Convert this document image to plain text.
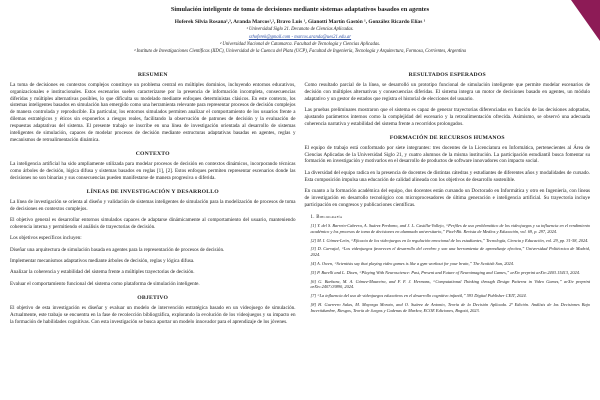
Simulación inteligente de toma de decisiones mediante sistemas adaptativos basados en agentes
Hoferek Silvia Rosana¹,³, Aranda Marcos¹,², Bravo Luis ¹, Gianotti Martín Gastón ¹, González Ricardo Elías ¹
¹ Universidad Siglo 21. Decanato de Ciencias Aplicadas.
srhoferek@gmail.com - marcos.aranda@ues21.edu.ar
² Universidad Nacional de Catamarca. Facultad de Tecnología y Ciencias Aplicadas.
³ Instituto de Investigaciones Científicas (IIDC), Universidad de la Cuenca del Plata (UCP), Facultad de Ingeniería, Tecnología y Arquitectura, Formosa, Corrientes, Argentina
RESUMEN

La toma de decisiones en contextos complejos constituye un problema central en múltiples dominios, incluyendo entornos educativos, organizacionales e institucionales. Estos escenarios suelen caracterizarse por la presencia de información incompleta, consecuencias diferidas y múltiples alternativas posibles, lo que dificulta su modelado mediante enfoques deterministas clásicos. En este contexto, los sistemas inteligentes basados en simulación han emergido como una herramienta relevante para representar procesos de decisión complejos de manera controlada y reproducible. En particular, los entornos simulados permiten analizar el comportamiento de los usuarios frente a dilemas estratégicos y éticos sin exponerlos a riesgos reales, facilitando la observación de patrones de decisión y la evaluación de respuestas adaptativas del sistema. El presente trabajo se inscribe en una línea de investigación orientada al desarrollo de sistemas inteligentes de simulación, capaces de modelar procesos de decisión mediante estructuras adaptativas basadas en agentes, reglas y mecanismos de retroalimentación dinámica.

CONTEXTO

La inteligencia artificial ha sido ampliamente utilizada para modelar procesos de decisión en contextos dinámicos, incorporando técnicas como árboles de decisión, lógica difusa y sistemas basados en reglas [1], [2]. Estos enfoques permiten representar escenarios donde las decisiones no son binarias y sus consecuencias pueden manifestarse de manera progresiva o diferida.

LÍNEAS DE INVESTIGACIÓN Y DESARROLLO

La línea de investigación se orienta al diseño y validación de sistemas inteligentes de simulación para la modelización de procesos de toma de decisiones en contextos complejos.

El objetivo general es desarrollar entornos simulados capaces de adaptarse dinámicamente al comportamiento del usuario, manteniendo coherencia interna y permitiendo el análisis de trayectorias de decisión.

Los objetivos específicos incluyen:

Diseñar una arquitectura de simulación basada en agentes para la representación de procesos de decisión.

Implementar mecanismos adaptativos mediante árboles de decisión, reglas y lógica difusa.

Analizar la coherencia y estabilidad del sistema frente a múltiples trayectorias de decisión.

Evaluar el comportamiento funcional del sistema como plataforma de simulación inteligente.

OBJETIVO

El objetivo de esta investigación es diseñar y evaluar un modelo de intervención estratégica basado en un videojuego de simulación. Actualmente, este trabajo se encuentra en la fase de recolección bibliográfica, explorando la evolución de los videojuegos y su impacto en la formación de habilidades cognitivas. Con esta investigación se busca aportar un modelo innovador para el aprendizaje de los jóvenes.

RESULTADOS ESPERADOS

Como resultado parcial de la línea, se desarrolló un prototipo funcional de simulación inteligente que permite modelar escenarios de decisión con múltiples alternativas y consecuencias diferidas. El sistema integra un motor de decisiones basado en agentes, un módulo adaptativo y un gestor de estados que registra el historial de elecciones del usuario.

Las pruebas preliminares mostraron que el sistema es capaz de generar trayectorias diferenciadas en función de las decisiones adoptadas, ajustando parámetros internos como la complejidad del escenario y la retroalimentación ofrecida. Asimismo, se observó una adecuada coherencia narrativa y estabilidad del sistema frente a recorridos prolongados.

FORMACIÓN DE RECURSOS HUMANOS

El equipo de trabajo está conformado por siete integrantes: tres docentes de la Licenciatura en Informática, pertenecientes al Área de Ciencias Aplicadas de la Universidad Siglo 21, y cuatro alumnos de la misma institución. La participación estudiantil busca fomentar su formación en investigación y motivarlos en el desarrollo de productos de software innovadores con impacto social.

La diversidad del equipo radica en la presencia de docentes de distintas cátedras y estudiantes de diferentes años y modalidades de cursado. Esta composición impulsa una educación de calidad alineada con los objetivos de desarrollo sostenible.

En cuanto a la formación académica del equipo, dos docentes están cursando un Doctorado en Informática y otro en Ingeniería, con líneas de investigación en desarrollo tecnológico con microprocesadores de última generación e inteligencia artificial. Su trayectoria incluye participación en congresos y publicaciones científicas.

1. Bibliografía

[1] Y. del S. Barreto-Cabrera, A. Suárez Perdomo, and J. L. Castilla-Vallejo, “Perfiles de uso problemático de los videojuegos y su influencia en el rendimiento académico y los procesos de toma de decisiones en alumnado universitario,” Pixel-Bit. Revista de Medios y Educación, vol. 69, p. 297, 2024.

[2] M. I. Gómez-León, “Eficacia de los videojuegos en la regulación emocional de los estudiantes,” Tecnología, Ciencia y Educación, vol. 29, pp. 31-58, 2024.

[3] D. Carvajal, “Los videojuegos favorecen el desarrollo del cerebro y son una herramienta de aprendizaje efectiva,” Universidad Politécnica de Madrid, 2024.

[4] A. Owen, “Scientists say that playing video games is like a gym workout for your brain,” The Scottish Sun, 2024.

[5] P. Burelli and L. Dixen, “Playing With Neuroscience: Past, Present and Future of Neuroimaging and Games,” arXiv preprint arXiv:2403.15413, 2024.

[6] G. Barbara, M. A. Gómez-Maureira, and F. F. J. Hermans, “Computational Thinking through Design Patterns in Video Games,” arXiv preprint arXiv:2407.03890, 2024.

[7] “La influencia del uso de videojuegos educativos en el desarrollo cognitivo infantil,” 593 Digital Publisher CEIT, 2024.

[8] H. Guerrero Salas, M. Mayorga Morato, and O. Suárez de Antonio, Teoría de la Decisión Aplicada. 2ª Edición. Análisis de las Decisiones Bajo Incertidumbre, Riesgos, Teoría de Juegos y Cadenas de Markov, ECOE Ediciones, Bogotá, 2023.
